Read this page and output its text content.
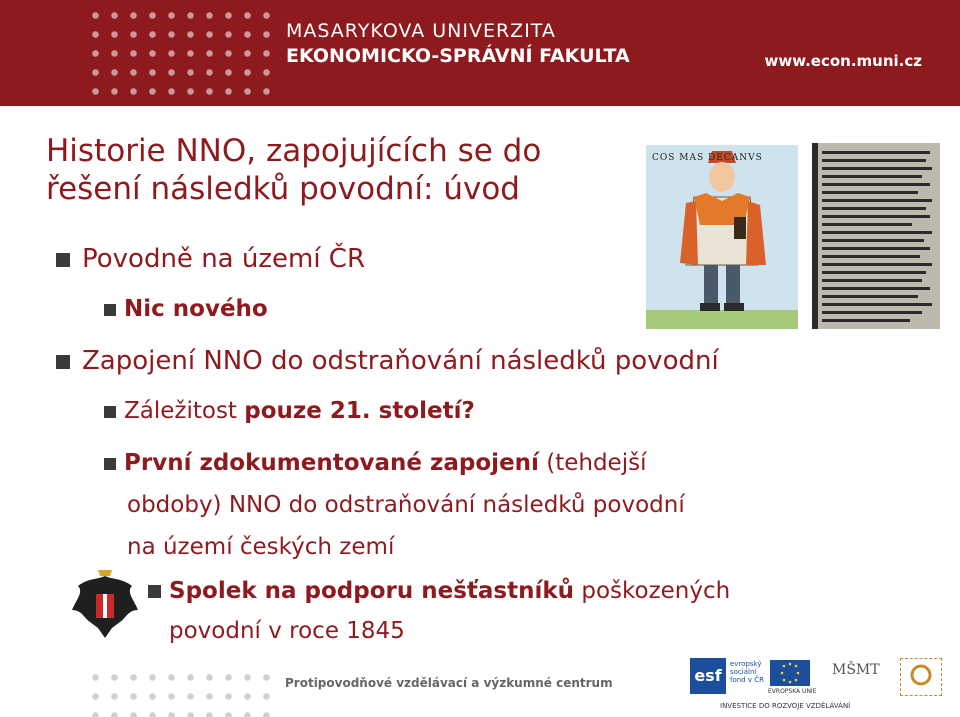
MASARYKOVA UNIVERZITA
EKONOMICKO-SPRÁVNÍ FAKULTA	www.econ.muni.cz
Historie NNO, zapojujících se do
řešení následků povodní: úvod
Povodně na území ČR
Nic nového
Zapojení NNO do odstraňování následků povodní
Záležitost pouze 21. století?
První zdokumentované zapojení (tehdejší
obdoby) NNO do odstraňování následků povodní
na území českých zemí
Spolek na podporu nešťastníků poškozených
povodní v roce 1845
COS MAS DECANVS
Protipovodňové vzdělávací a výzkumné centrum	esf
evropský sociální fond v ČR
EVROPSKÁ UNIE
MŠMT
INVESTICE DO ROZVOJE VZDĚLÁVÁNÍ
